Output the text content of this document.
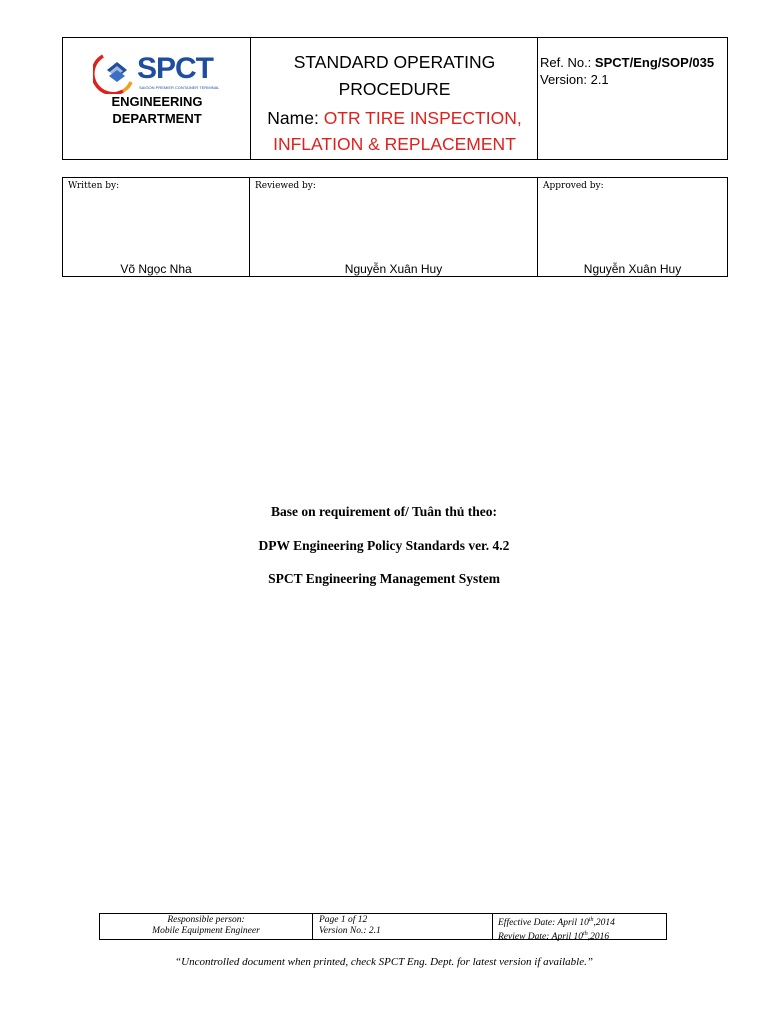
SPCT
SAIGON PREMIER CONTAINER TERMINAL
ENGINEERING
DEPARTMENT
STANDARD OPERATING
PROCEDURE
Name: OTR TIRE INSPECTION,
INFLATION & REPLACEMENT
Ref. No.: SPCT/Eng/SOP/035
Version: 2.1
Written by:
Võ Ngọc Nha
Reviewed by:
Nguyễn Xuân Huy
Approved by:
Nguyễn Xuân Huy
Base on requirement of/ Tuân thủ theo:
DPW Engineering Policy Standards ver. 4.2
SPCT Engineering Management System
Responsible person:
Mobile Equipment Engineer
Page 1 of 12
Version No.: 2.1
Effective Date: April 10th,2014
Review Date: April 10th,2016
“Uncontrolled document when printed, check SPCT Eng. Dept. for latest version if available.”
